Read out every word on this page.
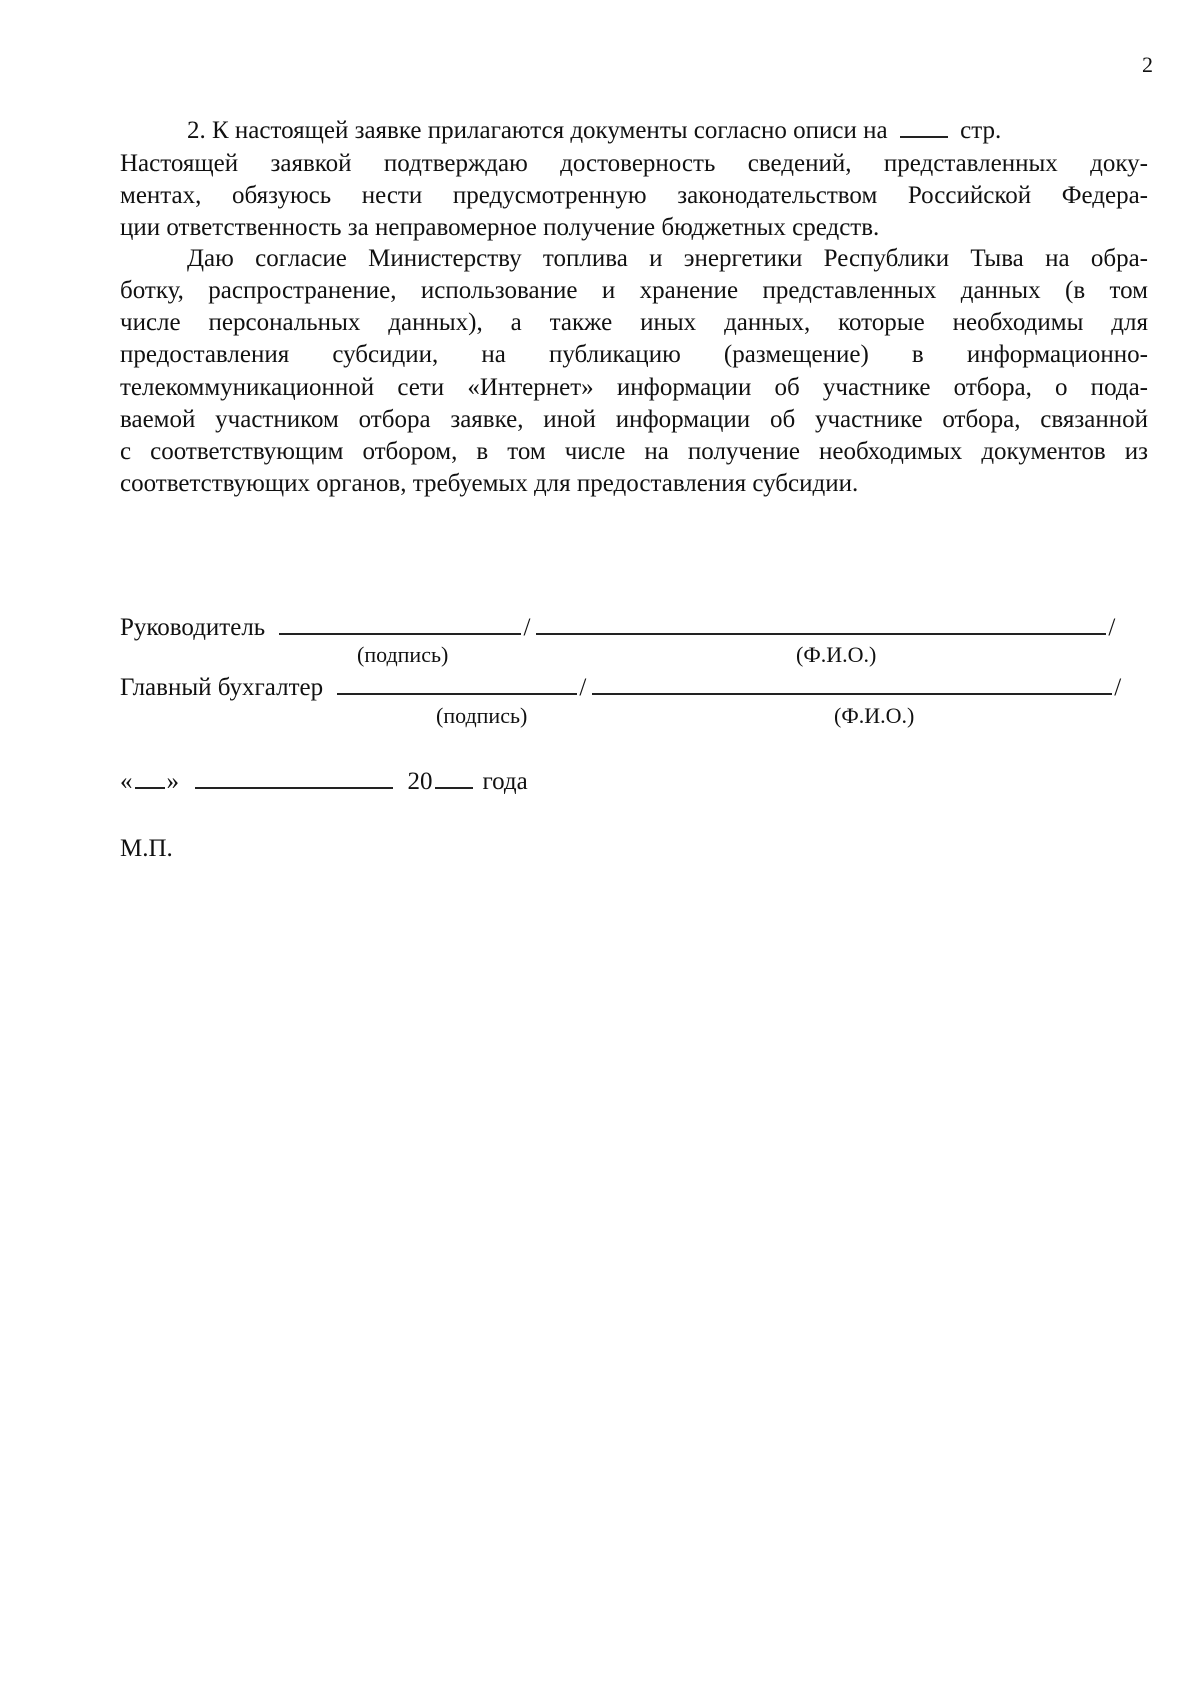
2
2. К настоящей заявке прилагаются документы согласно описи на	стр.
Настоящей заявкой подтверждаю достоверность сведений, представленных доку-
ментах, обязуюсь нести предусмотренную законодательством Российской Федера-
ции ответственность за неправомерное получение бюджетных средств.
Даю согласие Министерству топлива и энергетики Республики Тыва на обра-
ботку, распространение, использование и хранение представленных данных (в том
числе персональных данных), а также иных данных, которые необходимы для
предоставления субсидии, на публикацию (размещение) в информационно-
телекоммуникационной сети «Интернет» информации об участнике отбора, о пода-
ваемой участником отбора заявке, иной информации об участнике отбора, связанной
с соответствующим отбором, в том числе на получение необходимых документов из
соответствующих органов, требуемых для предоставления субсидии.
Руководитель	/	/
(подпись)	(Ф.И.О.)
Главный бухгалтер	/	/
(подпись)	(Ф.И.О.)
« »	20 года
М.П.
